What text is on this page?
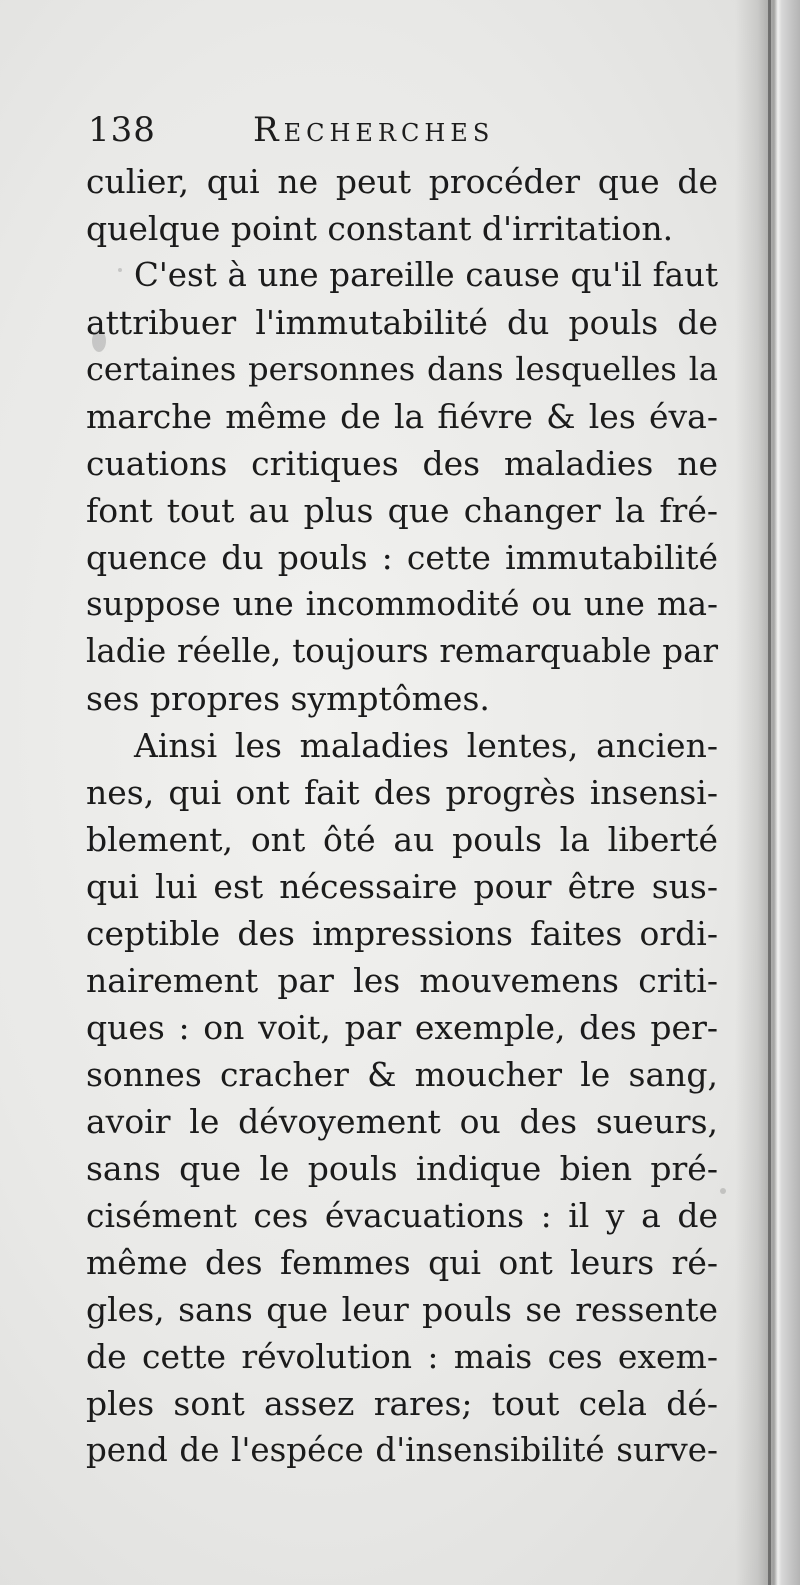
138	Recherches
culier, qui ne peut procéder que de
quelque point constant d'irritation.
C'est à une pareille cause qu'il faut
attribuer l'immutabilité du pouls de
certaines personnes dans lesquelles la
marche même de la fiévre & les éva-
cuations critiques des maladies ne
font tout au plus que changer la fré-
quence du pouls : cette immutabilité
suppose une incommodité ou une ma-
ladie réelle, toujours remarquable par
ses propres symptômes.
Ainsi les maladies lentes, ancien-
nes, qui ont fait des progrès insensi-
blement, ont ôté au pouls la liberté
qui lui est nécessaire pour être sus-
ceptible des impressions faites ordi-
nairement par les mouvemens criti-
ques : on voit, par exemple, des per-
sonnes cracher & moucher le sang,
avoir le dévoyement ou des sueurs,
sans que le pouls indique bien pré-
cisément ces évacuations : il y a de
même des femmes qui ont leurs ré-
gles, sans que leur pouls se ressente
de cette révolution : mais ces exem-
ples sont assez rares; tout cela dé-
pend de l'espéce d'insensibilité surve-
